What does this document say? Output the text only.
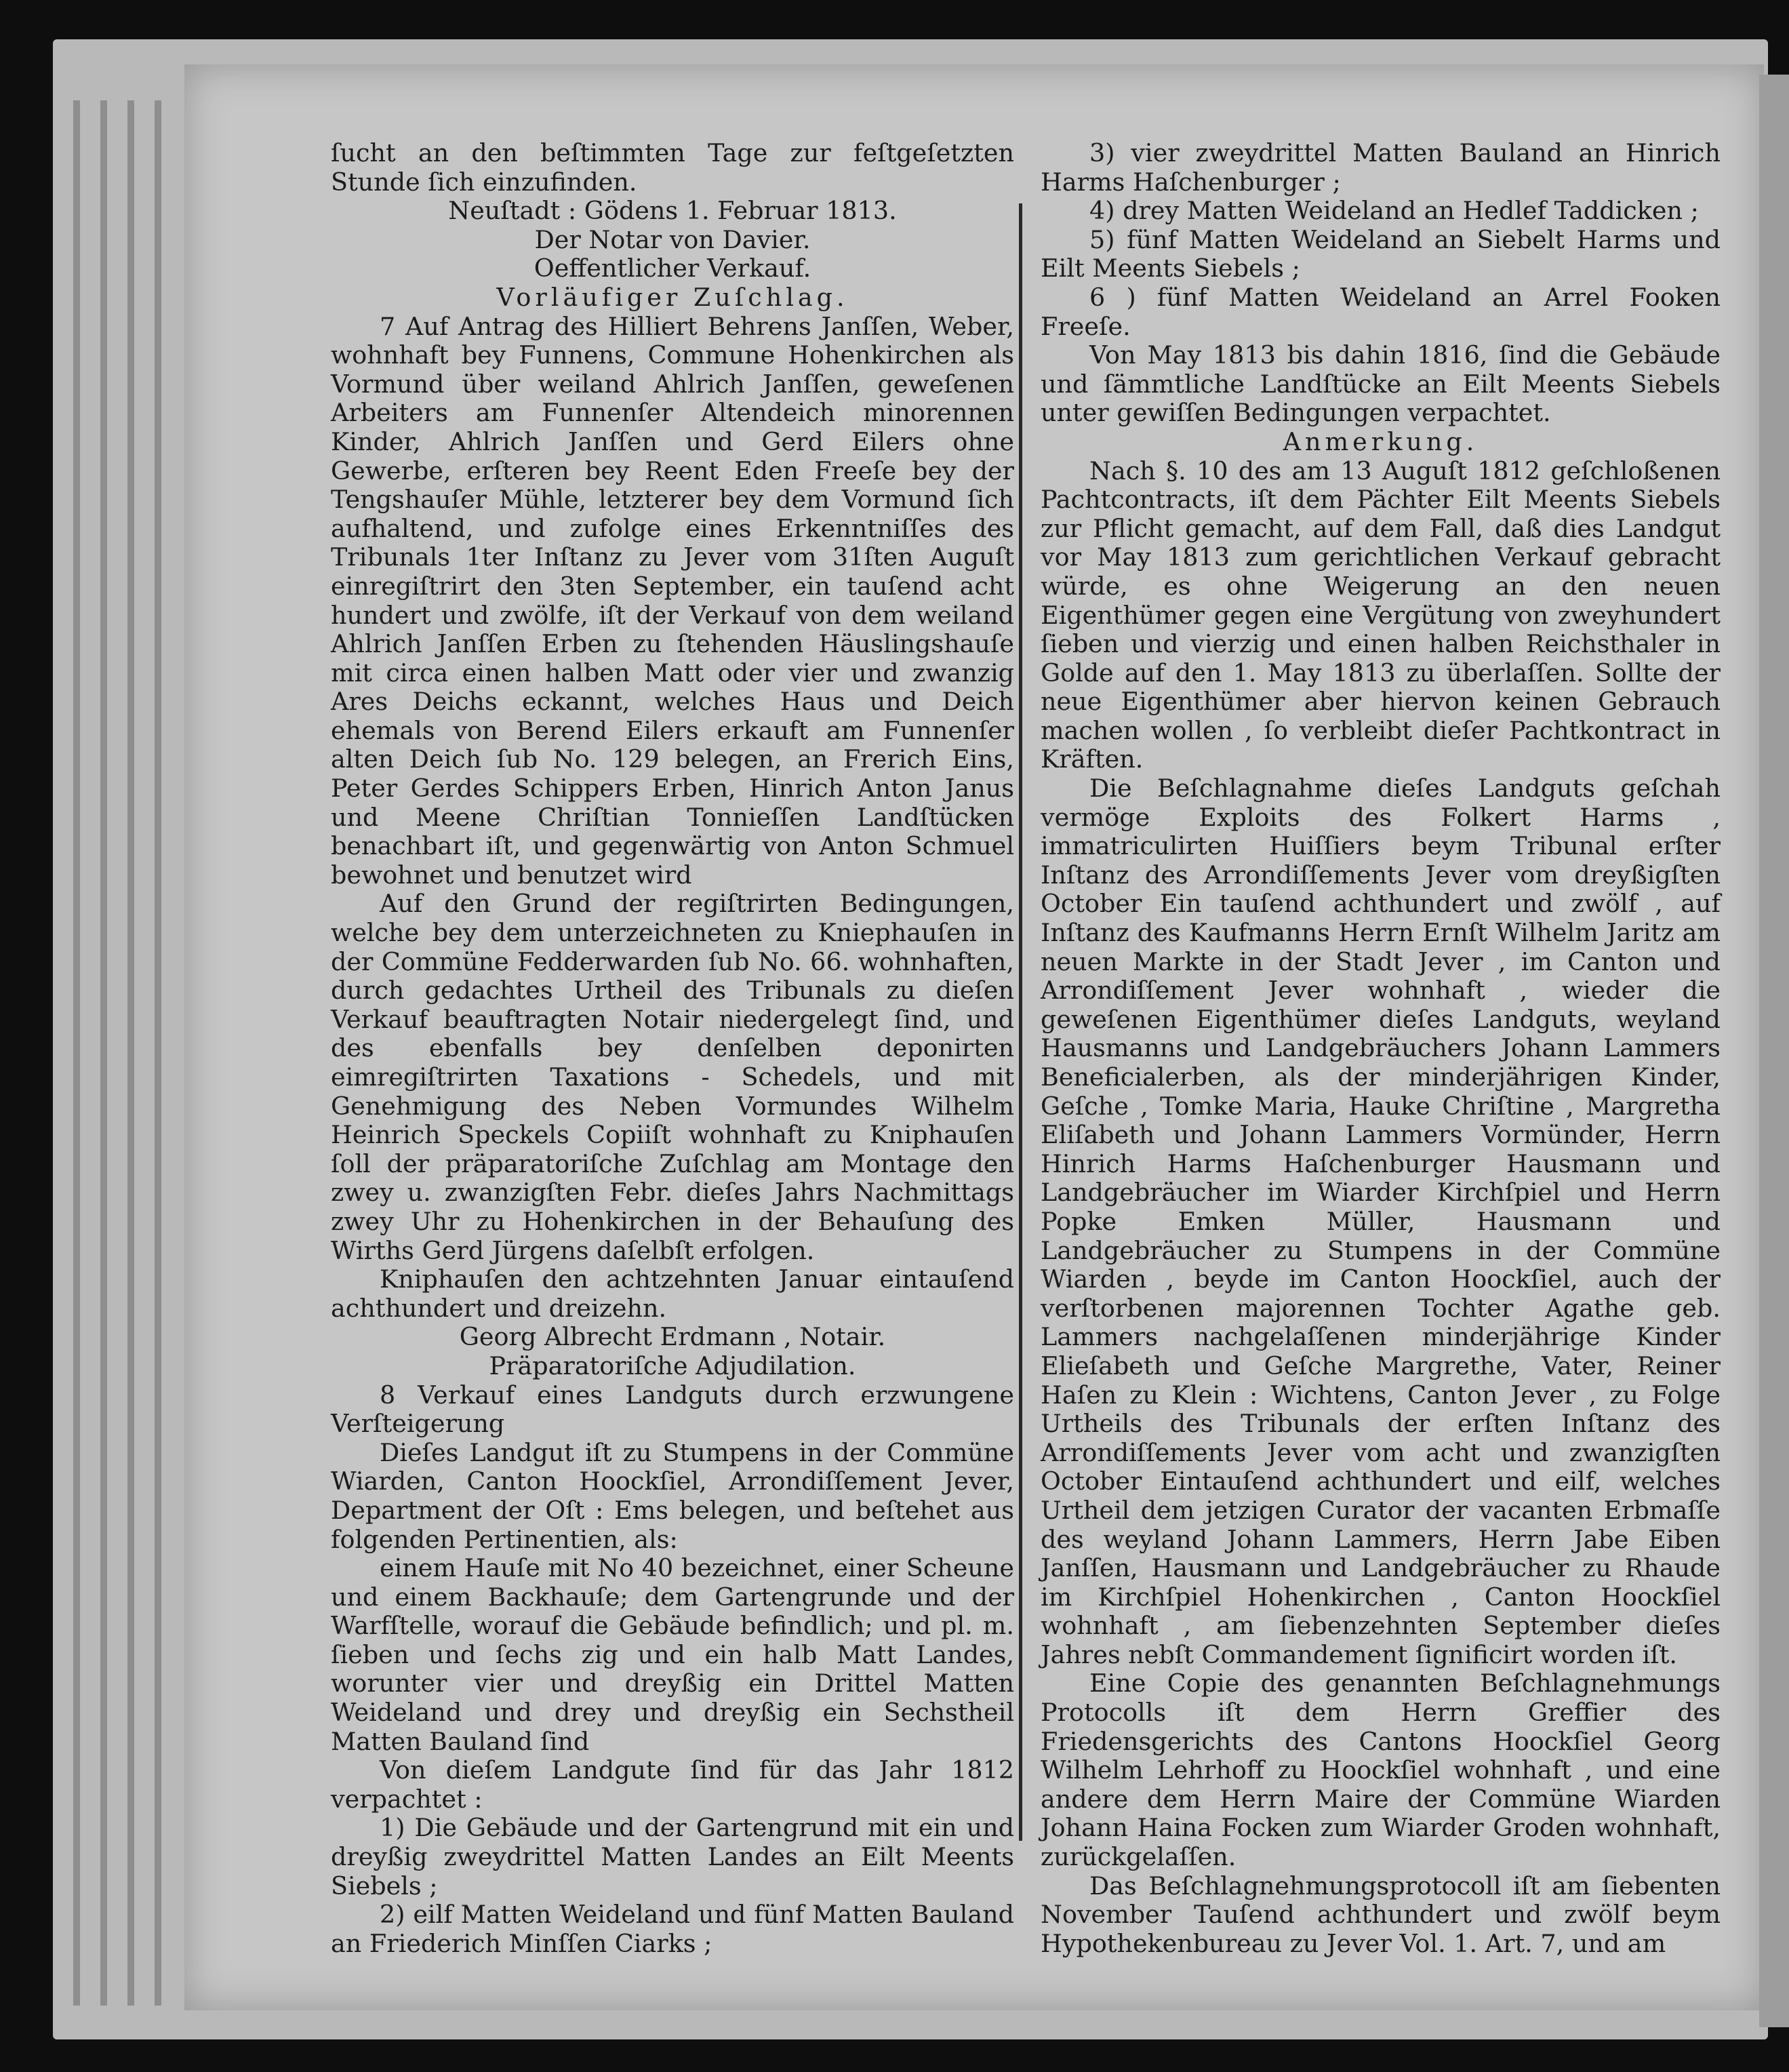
ſucht an den beſtimmten Tage zur feſtgeſetzten Stunde ſich einzufinden.

Neuſtadt : Gödens 1. Februar 1813.

Der Notar von Davier.

Oeffentlicher Verkauf.

Vorläufiger Zuſchlag.

7 Auf Antrag des Hilliert Behrens Janſſen, Weber, wohnhaft bey Funnens, Commune Hohenkirchen als Vormund über weiland Ahlrich Janſſen, geweſenen Arbeiters am Funnenſer Altendeich minorennen Kinder, Ahlrich Janſſen und Gerd Eilers ohne Gewerbe, erſteren bey Reent Eden Freeſe bey der Tengshauſer Mühle, letzterer bey dem Vormund ſich aufhaltend, und zufolge eines Erkenntniſſes des Tribunals 1ter Inſtanz zu Jever vom 31ſten Auguſt einregiſtrirt den 3ten September, ein tauſend acht hundert und zwölfe, iſt der Verkauf von dem weiland Ahlrich Janſſen Erben zu ſtehenden Häuslingshauſe mit circa einen halben Matt oder vier und zwanzig Ares Deichs eckannt, welches Haus und Deich ehemals von Berend Eilers erkauft am Funnenſer alten Deich ſub No. 129 belegen, an Frerich Eins, Peter Gerdes Schippers Erben, Hinrich Anton Janus und Meene Chriſtian Tonnieſſen Landſtücken benachbart iſt, und gegenwärtig von Anton Schmuel bewohnet und benutzet wird

Auf den Grund der regiſtrirten Bedingungen, welche bey dem unterzeichneten zu Kniephauſen in der Commüne Fedderwarden ſub No. 66. wohnhaften, durch gedachtes Urtheil des Tribunals zu dieſen Verkauf beauftragten Notair niedergelegt ſind, und des ebenfalls bey denſelben deponirten eimregiſtrirten Taxations - Schedels, und mit Genehmigung des Neben Vormundes Wilhelm Heinrich Speckels Copiiſt wohnhaft zu Kniphauſen ſoll der präparatoriſche Zuſchlag am Montage den zwey u. zwanzigſten Febr. dieſes Jahrs Nachmittags zwey Uhr zu Hohenkirchen in der Behauſung des Wirths Gerd Jürgens daſelbſt erfolgen.

Kniphauſen den achtzehnten Januar eintauſend achthundert und dreizehn.

Georg Albrecht Erdmann , Notair.

Präparatoriſche Adjudilation.

8 Verkauf eines Landguts durch erzwungene Verſteigerung

Dieſes Landgut iſt zu Stumpens in der Commüne Wiarden, Canton Hoockſiel, Arrondiſſement Jever, Department der Oſt : Ems belegen, und beſtehet aus folgenden Pertinentien, als:

einem Hauſe mit No 40 bezeichnet, einer Scheune und einem Backhauſe; dem Gartengrunde und der Warfſtelle, worauf die Gebäude befindlich; und pl. m. ſieben und ſechs zig und ein halb Matt Landes, worunter vier und dreyßig ein Drittel Matten Weideland und drey und dreyßig ein Sechstheil Matten Bauland ſind

Von dieſem Landgute ſind für das Jahr 1812 verpachtet :

1) Die Gebäude und der Gartengrund mit ein und dreyßig zweydrittel Matten Landes an Eilt Meents Siebels ;

2) eilf Matten Weideland und fünf Matten Bauland an Friederich Minſſen Ciarks ;

3) vier zweydrittel Matten Bauland an Hinrich Harms Haſchenburger ;

4) drey Matten Weideland an Hedlef Taddicken ;

5) fünf Matten Weideland an Siebelt Harms und Eilt Meents Siebels ;

6 ) fünf Matten Weideland an Arrel Fooken Freeſe.

Von May 1813 bis dahin 1816, ſind die Gebäude und ſämmtliche Landſtücke an Eilt Meents Siebels unter gewiſſen Bedingungen verpachtet.

Anmerkung.

Nach §. 10 des am 13 Auguſt 1812 geſchloßenen Pachtcontracts, iſt dem Pächter Eilt Meents Siebels zur Pflicht gemacht, auf dem Fall, daß dies Landgut vor May 1813 zum gerichtlichen Verkauf gebracht würde, es ohne Weigerung an den neuen Eigenthümer gegen eine Vergütung von zweyhundert ſieben und vierzig und einen halben Reichsthaler in Golde auf den 1. May 1813 zu überlaſſen. Sollte der neue Eigenthümer aber hiervon keinen Gebrauch machen wollen , ſo verbleibt dieſer Pachtkontract in Kräften.

Die Beſchlagnahme dieſes Landguts geſchah vermöge Exploits des Folkert Harms , immatriculirten Huiſſiers beym Tribunal erſter Inſtanz des Arrondiſſements Jever vom dreyßigſten October Ein tauſend achthundert und zwölf , auf Inſtanz des Kaufmanns Herrn Ernſt Wilhelm Jaritz am neuen Markte in der Stadt Jever , im Canton und Arrondiſſement Jever wohnhaft , wieder die geweſenen Eigenthümer dieſes Landguts, weyland Hausmanns und Landgebräuchers Johann Lammers Beneficialerben, als der minderjährigen Kinder, Geſche , Tomke Maria, Hauke Chriſtine , Margretha Eliſabeth und Johann Lammers Vormünder, Herrn Hinrich Harms Haſchenburger Hausmann und Landgebräucher im Wiarder Kirchſpiel und Herrn Popke Emken Müller, Hausmann und Landgebräucher zu Stumpens in der Commüne Wiarden , beyde im Canton Hoockſiel, auch der verſtorbenen majorennen Tochter Agathe geb. Lammers nachgelaſſenen minderjährige Kinder Elieſabeth und Geſche Margrethe, Vater, Reiner Haſen zu Klein : Wichtens, Canton Jever , zu Folge Urtheils des Tribunals der erſten Inſtanz des Arrondiſſements Jever vom acht und zwanzigſten October Eintauſend achthundert und eilf, welches Urtheil dem jetzigen Curator der vacanten Erbmaſſe des weyland Johann Lammers, Herrn Jabe Eiben Janſſen, Hausmann und Landgebräucher zu Rhaude im Kirchſpiel Hohenkirchen , Canton Hoockſiel wohnhaft , am ſiebenzehnten September dieſes Jahres nebſt Commandement ſignificirt worden iſt.

Eine Copie des genannten Beſchlagnehmungs Protocolls iſt dem Herrn Greffier des Friedensgerichts des Cantons Hoockſiel Georg Wilhelm Lehrhoff zu Hoockſiel wohnhaft , und eine andere dem Herrn Maire der Commüne Wiarden Johann Haina Focken zum Wiarder Groden wohnhaft, zurückgelaſſen.

Das Beſchlagnehmungsprotocoll iſt am ſiebenten November Tauſend achthundert und zwölf beym Hypothekenbureau zu Jever Vol. 1. Art. 7, und am
